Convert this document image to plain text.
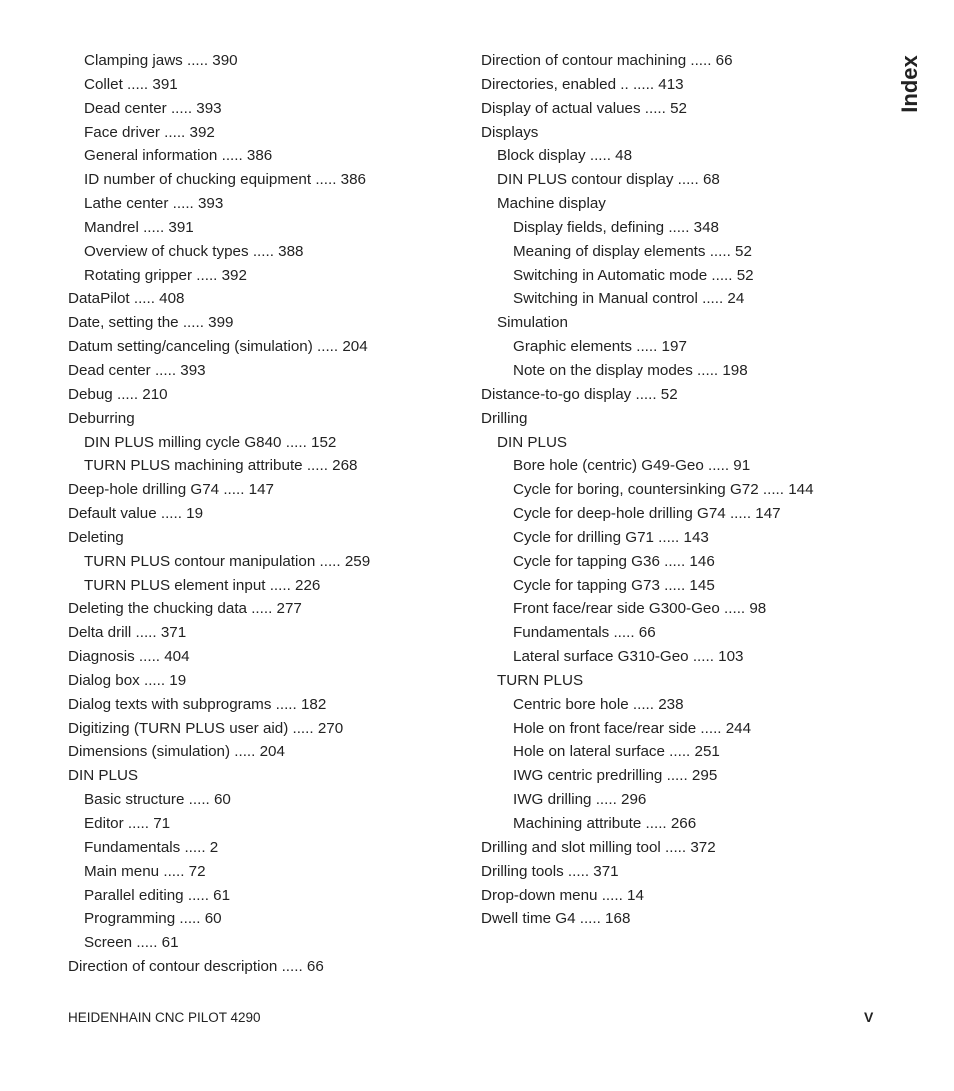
Clamping jaws ..... 390
Collet ..... 391
Dead center ..... 393
Face driver ..... 392
General information ..... 386
ID number of chucking equipment ..... 386
Lathe center ..... 393
Mandrel ..... 391
Overview of chuck types ..... 388
Rotating gripper ..... 392
DataPilot ..... 408
Date, setting the ..... 399
Datum setting/canceling (simulation) ..... 204
Dead center ..... 393
Debug ..... 210
Deburring
DIN PLUS milling cycle G840 ..... 152
TURN PLUS machining attribute ..... 268
Deep-hole drilling G74 ..... 147
Default value ..... 19
Deleting
TURN PLUS contour manipulation ..... 259
TURN PLUS element input ..... 226
Deleting the chucking data ..... 277
Delta drill ..... 371
Diagnosis ..... 404
Dialog box ..... 19
Dialog texts with subprograms ..... 182
Digitizing (TURN PLUS user aid) ..... 270
Dimensions (simulation) ..... 204
DIN PLUS
Basic structure ..... 60
Editor ..... 71
Fundamentals ..... 2
Main menu ..... 72
Parallel editing ..... 61
Programming ..... 60
Screen ..... 61
Direction of contour description ..... 66
Direction of contour machining ..... 66
Directories, enabled .. ..... 413
Display of actual values ..... 52
Displays
Block display ..... 48
DIN PLUS contour display ..... 68
Machine display
Display fields, defining ..... 348
Meaning of display elements ..... 52
Switching in Automatic mode ..... 52
Switching in Manual control ..... 24
Simulation
Graphic elements ..... 197
Note on the display modes ..... 198
Distance-to-go display ..... 52
Drilling
DIN PLUS
Bore hole (centric) G49-Geo ..... 91
Cycle for boring, countersinking G72 ..... 144
Cycle for deep-hole drilling G74 ..... 147
Cycle for drilling G71 ..... 143
Cycle for tapping G36 ..... 146
Cycle for tapping G73 ..... 145
Front face/rear side G300-Geo ..... 98
Fundamentals ..... 66
Lateral surface G310-Geo ..... 103
TURN PLUS
Centric bore hole ..... 238
Hole on front face/rear side ..... 244
Hole on lateral surface ..... 251
IWG centric predrilling ..... 295
IWG drilling ..... 296
Machining attribute ..... 266
Drilling and slot milling tool ..... 372
Drilling tools ..... 371
Drop-down menu ..... 14
Dwell time G4 ..... 168
Index
HEIDENHAIN CNC PILOT 4290	V
